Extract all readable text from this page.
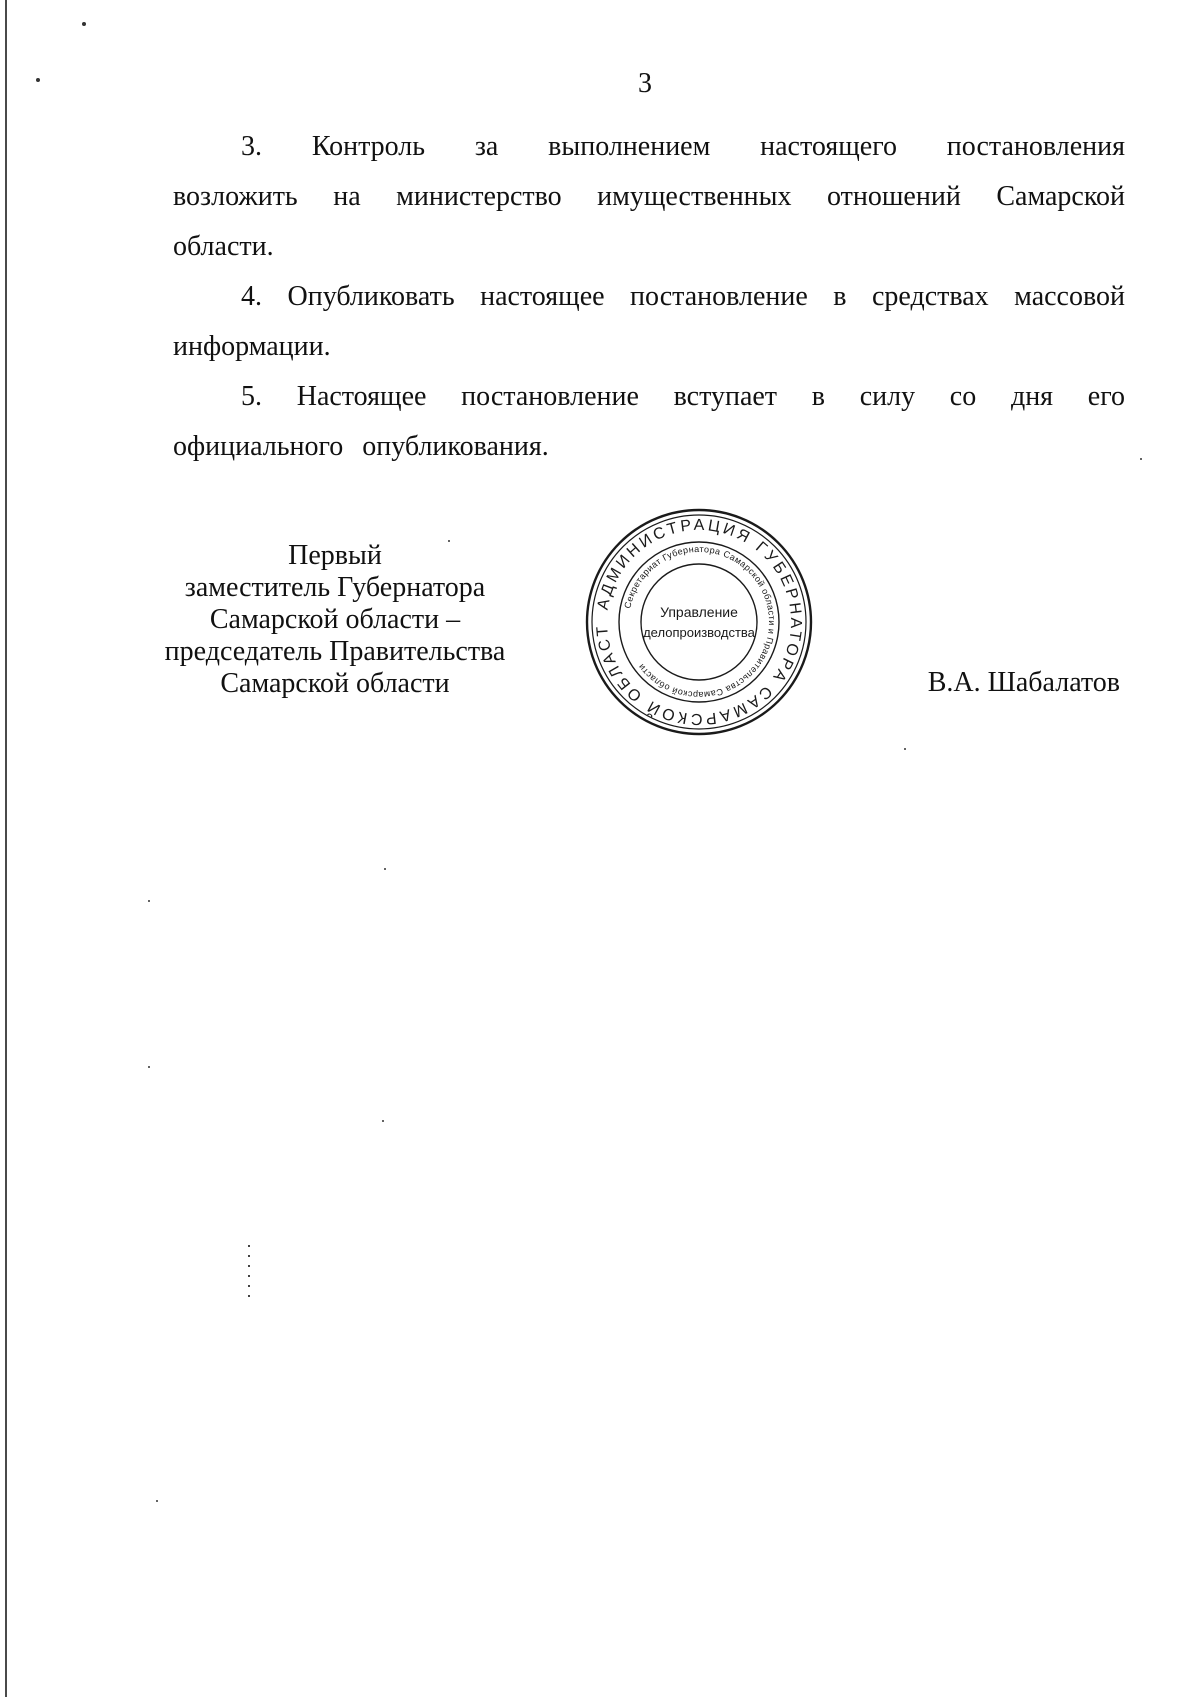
3

3. Контроль за выполнением настоящего постановления возложить на министерство имущественных отношений Самарской области.

4. Опубликовать настоящее постановление в средствах массовой информации.

5. Настоящее постановление вступает в силу со дня его официального опубликования.

Первый
заместитель Губернатора
Самарской области –
председатель Правительства
Самарской области
АДМИНИСТРАЦИЯ ГУБЕРНАТОРА САМАРСКОЙ ОБЛАСТ
Секретариат Губернатора Самарской области и Правительства Самарской области
Управление
делопроизводства
В.А. Шабалатов
